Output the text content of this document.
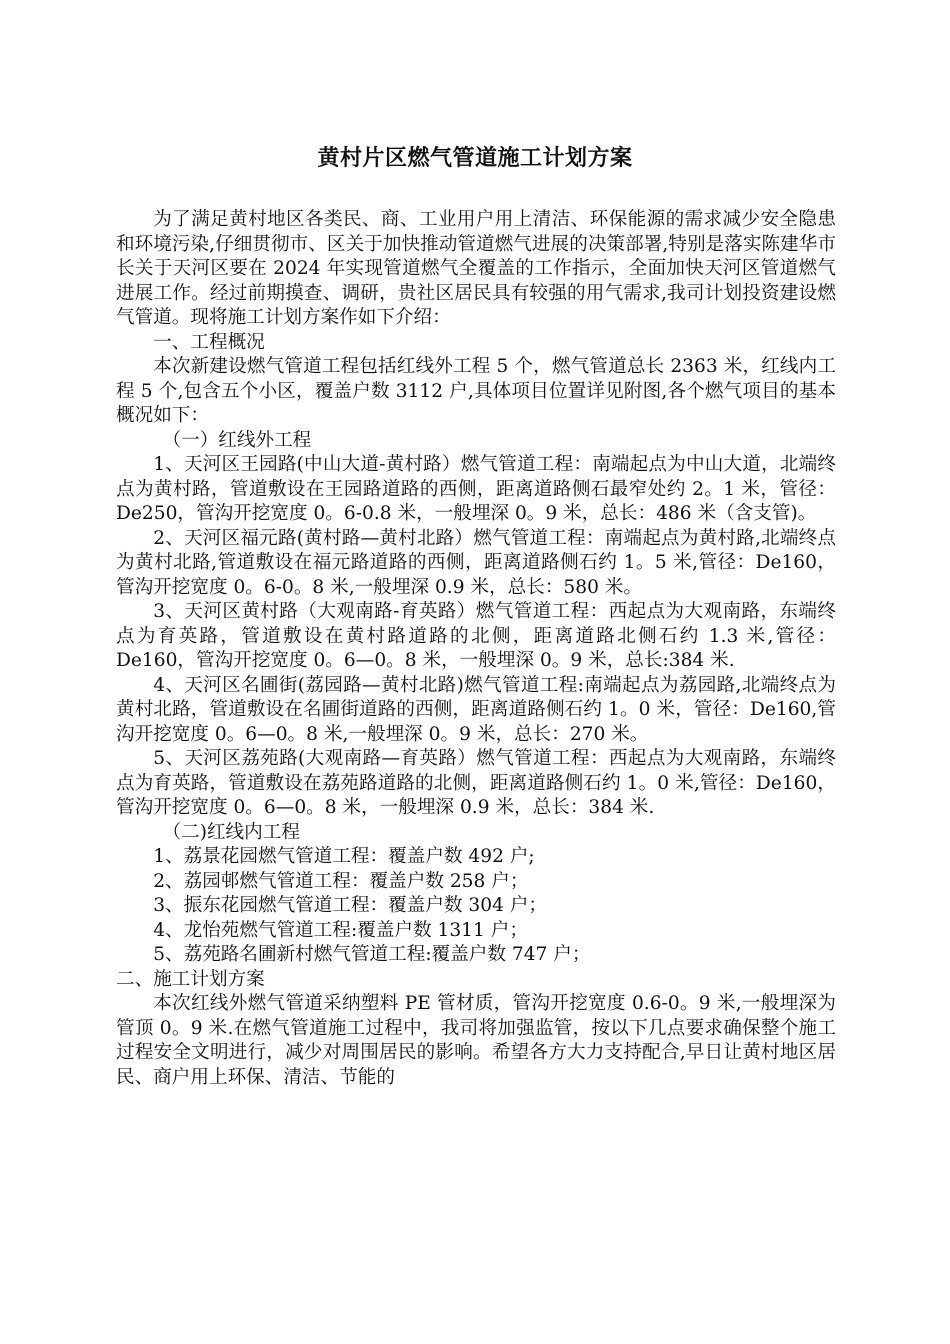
黄村片区燃气管道施工计划方案

为了满足黄村地区各类民、商、工业用户用上清洁、环保能源的需求减少安全隐患和环境污染,仔细贯彻市、区关于加快推动管道燃气进展的决策部署,特别是落实陈建华市长关于天河区要在 2024 年实现管道燃气全覆盖的工作指示，全面加快天河区管道燃气进展工作。经过前期摸查、调研，贵社区居民具有较强的用气需求,我司计划投资建设燃气管道。现将施工计划方案作如下介绍：

一、工程概况

本次新建设燃气管道工程包括红线外工程 5 个，燃气管道总长 2363 米，红线内工程 5 个,包含五个小区，覆盖户数 3112 户,具体项目位置详见附图,各个燃气项目的基本概况如下：

（一）红线外工程

1、天河区王园路(中山大道-黄村路）燃气管道工程：南端起点为中山大道，北端终点为黄村路，管道敷设在王园路道路的西侧，距离道路侧石最窄处约 2。1 米，管径：De250，管沟开挖宽度 0。6-0.8 米，一般埋深 0。9 米，总长：486 米（含支管)。

2、天河区福元路(黄村路—黄村北路）燃气管道工程：南端起点为黄村路,北端终点为黄村北路,管道敷设在福元路道路的西侧，距离道路侧石约 1。5 米,管径：De160，管沟开挖宽度 0。6-0。8 米,一般埋深 0.9 米，总长：580 米。

3、天河区黄村路（大观南路-育英路）燃气管道工程：西起点为大观南路，东端终点为育英路，管道敷设在黄村路道路的北侧，距离道路北侧石约 1.3 米,管径：De160，管沟开挖宽度 0。6—0。8 米，一般埋深 0。9 米，总长:384 米.

4、天河区名圃街(荔园路—黄村北路)燃气管道工程:南端起点为荔园路,北端终点为黄村北路，管道敷设在名圃街道路的西侧，距离道路侧石约 1。0 米，管径：De160,管沟开挖宽度 0。6—0。8 米,一般埋深 0。9 米，总长：270 米。

5、天河区荔苑路(大观南路—育英路）燃气管道工程：西起点为大观南路，东端终点为育英路，管道敷设在荔苑路道路的北侧，距离道路侧石约 1。0 米,管径：De160，管沟开挖宽度 0。6—0。8 米，一般埋深 0.9 米，总长：384 米.

（二)红线内工程

1、荔景花园燃气管道工程：覆盖户数 492 户;

2、荔园邨燃气管道工程：覆盖户数 258 户；

3、振东花园燃气管道工程：覆盖户数 304 户；

4、龙怡苑燃气管道工程:覆盖户数 1311 户；

5、荔苑路名圃新村燃气管道工程:覆盖户数 747 户；

二、施工计划方案

本次红线外燃气管道采纳塑料 PE 管材质，管沟开挖宽度 0.6-0。9 米,一般埋深为管顶 0。9 米.在燃气管道施工过程中，我司将加强监管，按以下几点要求确保整个施工过程安全文明进行，减少对周围居民的影响。希望各方大力支持配合,早日让黄村地区居民、商户用上环保、清洁、节能的
